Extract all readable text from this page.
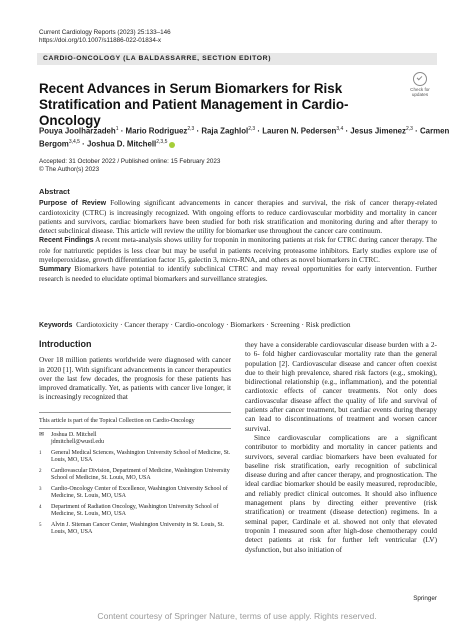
Current Cardiology Reports (2023) 25:133–146
https://doi.org/10.1007/s11886-022-01834-x
CARDIO-ONCOLOGY (LA BALDASSARRE, SECTION EDITOR)
Check for updates
Recent Advances in Serum Biomarkers for Risk Stratification and Patient Management in Cardio-Oncology
Pouya Joolharzadeh$^1$ · Mario Rodriguez$^{2,3}$ · Raja Zaghlol$^{2,3}$ · Lauren N. Pedersen$^{3,4}$ · Jesus Jimenez$^{2,3}$ · Carmen Bergom$^{3,4,5}$ · Joshua D. Mitchell$^{2,3,5}$
Accepted: 31 October 2022 / Published online: 15 February 2023
© The Author(s) 2023
Abstract

Purpose of Review Following significant advancements in cancer therapies and survival, the risk of cancer therapy-related cardiotoxicity (CTRC) is increasingly recognized. With ongoing efforts to reduce cardiovascular morbidity and mortality in cancer patients and survivors, cardiac biomarkers have been studied for both risk stratification and monitoring during and after therapy to detect subclinical disease. This article will review the utility for biomarker use throughout the cancer care continuum.

Recent Findings A recent meta-analysis shows utility for troponin in monitoring patients at risk for CTRC during cancer therapy. The role for natriuretic peptides is less clear but may be useful in patients receiving proteasome inhibitors. Early studies explore use of myeloperoxidase, growth differentiation factor 15, galectin 3, micro-RNA, and others as novel biomarkers in CTRC.

Summary Biomarkers have potential to identify subclinical CTRC and may reveal opportunities for early intervention. Further research is needed to elucidate optimal biomarkers and surveillance strategies.

Keywords Cardiotoxicity · Cancer therapy · Cardio-oncology · Biomarkers · Screening · Risk prediction
Introduction

Over 18 million patients worldwide were diagnosed with cancer in 2020 [1]. With significant advancements in cancer therapeutics over the last few decades, the prognosis for these patients has improved dramatically. Yet, as patients with cancer live longer, it is increasingly recognized that

This article is part of the Topical Collection on Cardio-Oncology
✉	Joshua D. Mitchell
jdmitchell@wustl.edu
1	General Medical Sciences, Washington University School of Medicine, St. Louis, MO, USA
2	Cardiovascular Division, Department of Medicine, Washington University School of Medicine, St. Louis, MO, USA
3	Cardio-Oncology Center of Excellence, Washington University School of Medicine, St. Louis, MO, USA
4	Department of Radiation Oncology, Washington University School of Medicine, St. Louis, MO, USA
5	Alvin J. Siteman Cancer Center, Washington University in St. Louis, St. Louis, MO, USA

they have a considerable cardiovascular disease burden with a 2- to 6- fold higher cardiovascular mortality rate than the general population [2]. Cardiovascular disease and cancer often coexist due to their high prevalence, shared risk factors (e.g., smoking), bidirectional relationship (e.g., inflammation), and the potential cardiotoxic effects of cancer treatments. Not only does cardiovascular disease affect the quality of life and survival of patients after cancer treatment, but cardiac events during therapy can lead to discontinuations of treatment and worsen cancer survival.

Since cardiovascular complications are a significant contributor to morbidity and mortality in cancer patients and survivors, several cardiac biomarkers have been evaluated for baseline risk stratification, early recognition of subclinical disease during and after cancer therapy, and prognostication. The ideal cardiac biomarker should be easily measured, reproducible, and reliably predict clinical outcomes. It should also influence management plans by directing either preventive (risk stratification) or treatment (disease detection) regimens. In a seminal paper, Cardinale et al. showed not only that elevated troponin I measured soon after high-dose chemotherapy could detect patients at risk for further left ventricular (LV) dysfunction, but also initiation of

Springer
Content courtesy of Springer Nature, terms of use apply. Rights reserved.
